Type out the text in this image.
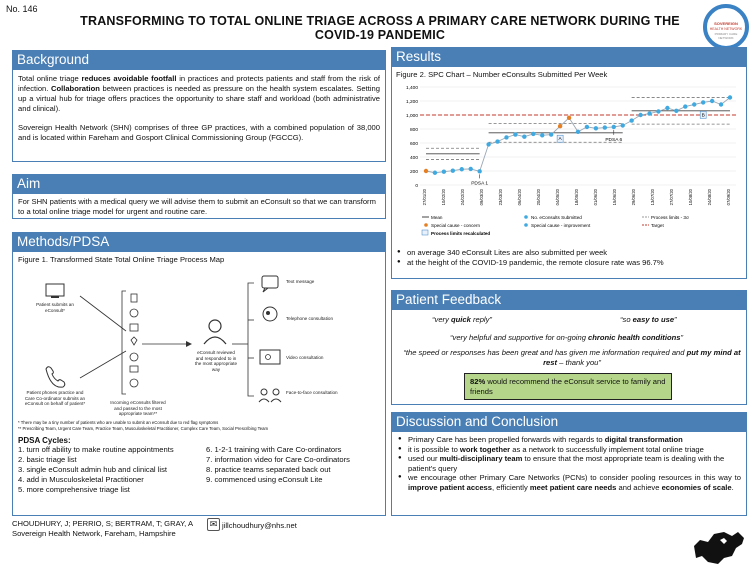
No. 146
TRANSFORMING TO TOTAL ONLINE TRIAGE ACROSS A PRIMARY CARE NETWORK DURING THE COVID-19 PANDEMIC
SOVEREIGN
HEALTH NETWORK
PRIMARY CARE NETWORK
Background

Total online triage reduces avoidable footfall in practices and protects patients and staff from the risk of infection. Collaboration between practices is needed as pressure on the health system escalates. Setting up a virtual hub for triage offers practices the opportunity to share staff and workload (both administrative and clinical).

Sovereign Health Network (SHN) comprises of three GP practices, with a combined population of 38,000 and is located within Fareham and Gosport Clinical Commissioning Group (FGCCG).

Aim

For SHN patients with a medical query we will advise them to submit an eConsult so that we can transform to a total online triage model for urgent and routine care.

Methods/PDSA
Figure 1. Transformed State Total Online Triage Process Map
Patient submits an eConsult*
Patient phones practice and Care Co-ordinator submits an eConsult on behalf of patient*	Incoming eConsults filtered and passed to the most appropriate team**
eConsult reviewed and responded to in the most appropriate way
Text message
Telephone consultation
Video consultation
Face-to-face consultation
* There may be a tiny number of patients who are unable to submit an eConsult due to red flag symptoms
** Prescribing Team, Urgent Care Team, Practice Team, Musculoskeletal Practitioner, Complex Care Team, Social Prescribing Team
PDSA Cycles:
1. turn off ability to make routine appointments
2. basic triage list
3. single eConsult admin hub and clinical list
4. add in Musculoskeletal Practitioner
5. more comprehensive triage list
6. 1-2-1 training with Care Co-ordinators
7. information video for Care Co-ordinators
8. practice teams separated back out
9. commenced using eConsult Lite
Results
Figure 2. SPC Chart – Number eConsults Submitted Per Week
0
200
400
600
800
1,000
1,200
1,400
27/01/20	10/02/20	24/02/20	09/03/20	23/03/20	06/04/20	20/04/20	04/05/20	18/05/20	01/06/20	15/06/20	29/06/20	13/07/20	27/07/20	10/08/20	24/08/20	07/09/20
PDSA 1
PDSA 6
A
B
Mean	No. eConsults Submitted	Process limits - 3σ
Special cause - concern	Special cause - improvement	Target
Process limits recalculated
● on average 340 eConsult Lites are also submitted per week
● at the height of the COVID-19 pandemic, the remote closure rate was 96.7%
Patient Feedback
“very quick reply”	“so easy to use”
“very helpful and supportive for on-going chronic health conditions”
“the speed or responses has been great and has given me information required and put my mind at rest – thank you”
82% would recommend the eConsult service to family and friends
Discussion and Conclusion
● Primary Care has been propelled forwards with regards to digital transformation
● it is possible to work together as a network to successfully implement total online triage
● used our multi-disciplinary team to ensure that the most appropriate team is dealing with the patient's query
● we encourage other Primary Care Networks (PCNs) to consider pooling resources in this way to improve patient access, efficiently meet patient care needs and achieve economies of scale.
CHOUDHURY, J; PERRIO, S; BERTRAM, T; GRAY, A
Sovereign Health Network, Fareham, Hampshire
✉ jillchoudhury@nhs.net
